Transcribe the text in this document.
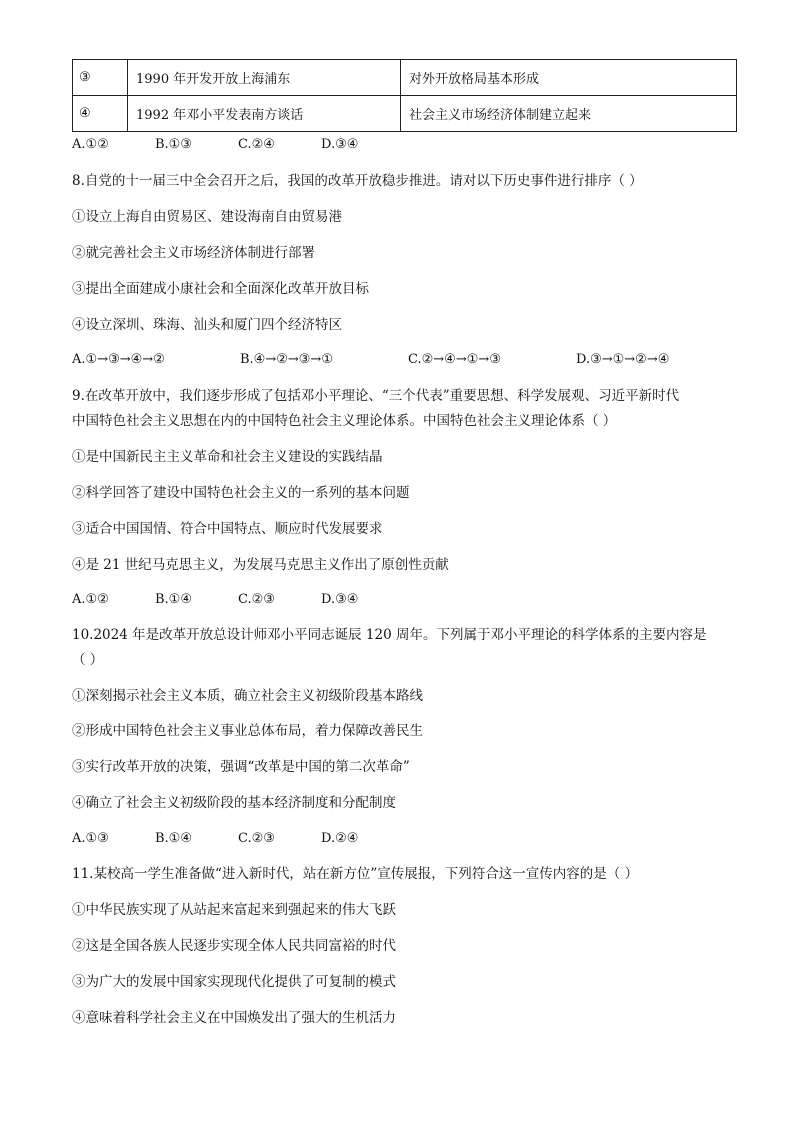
③	1990 年开发开放上海浦东	对外开放格局基本形成
④	1992 年邓小平发表南方谈话	社会主义市场经济体制建立起来
A.①②	B.①③	C.②④	D.③④
8.自党的十一届三中全会召开之后，我国的改革开放稳步推进。请对以下历史事件进行排序（ ）
①设立上海自由贸易区、建设海南自由贸易港
②就完善社会主义市场经济体制进行部署
③提出全面建成小康社会和全面深化改革开放目标
④设立深圳、珠海、汕头和厦门四个经济特区
A.①→③→④→②	B.④→②→③→①	C.②→④→①→③	D.③→①→②→④
9.在改革开放中，我们逐步形成了包括邓小平理论、“三个代表”重要思想、科学发展观、习近平新时代
中国特色社会主义思想在内的中国特色社会主义理论体系。中国特色社会主义理论体系（ ）
①是中国新民主主义革命和社会主义建设的实践结晶
②科学回答了建设中国特色社会主义的一系列的基本问题
③适合中国国情、符合中国特点、顺应时代发展要求
④是 21 世纪马克思主义，为发展马克思主义作出了原创性贡献
A.①②	B.①④	C.②③	D.③④
10.2024 年是改革开放总设计师邓小平同志诞辰 120 周年。下列属于邓小平理论的科学体系的主要内容是
（ ）
①深刻揭示社会主义本质，确立社会主义初级阶段基本路线
②形成中国特色社会主义事业总体布局，着力保障改善民生
③实行改革开放的决策，强调“改革是中国的第二次革命”
④确立了社会主义初级阶段的基本经济制度和分配制度
A.①③	B.①④	C.②③	D.②④
11.某校高一学生准备做“进入新时代，站在新方位”宣传展报，下列符合这一宣传内容的是（ ）
①中华民族实现了从站起来富起来到强起来的伟大飞跃
②这是全国各族人民逐步实现全体人民共同富裕的时代
③为广大的发展中国家实现现代化提供了可复制的模式
④意味着科学社会主义在中国焕发出了强大的生机活力
